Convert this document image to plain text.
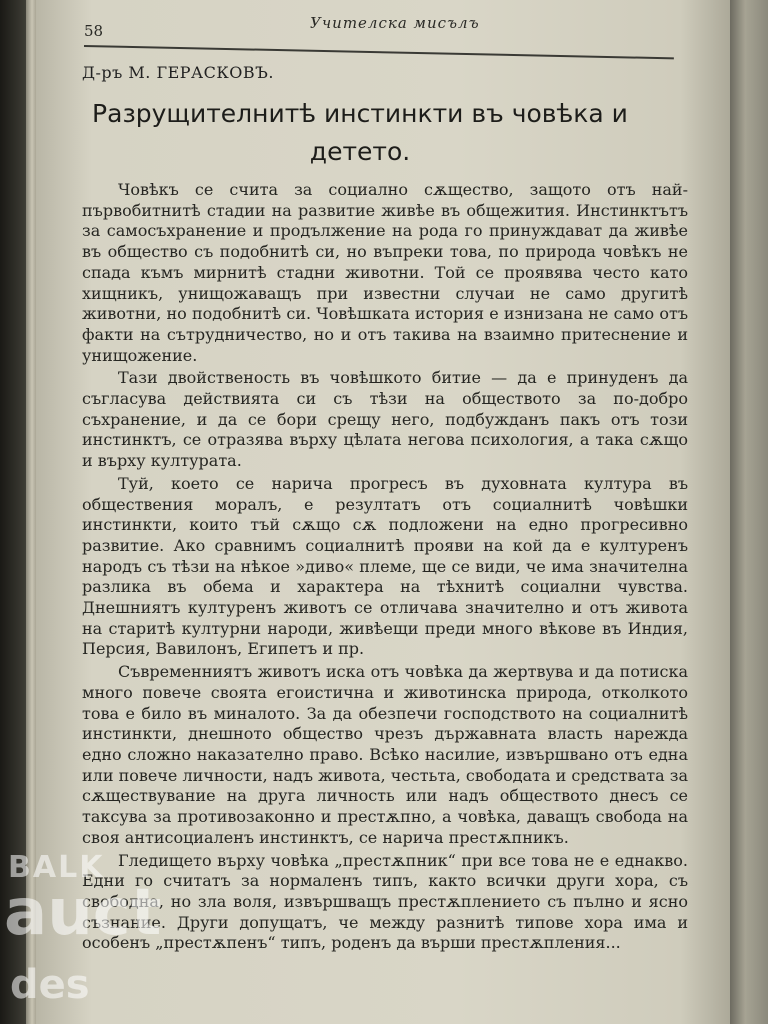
58	Учителска мисълъ
Д-ръ М. ГЕРАСКОВЪ.
Разрущителнитѣ инстинкти въ човѣка и детето.

Човѣкъ се счита за социално сѫщество, защото отъ най-първобитнитѣ стадии на развитие живѣе въ общежития. Инстинктътъ за самосъхранение и продължение на рода го принуждават да живѣе въ общество съ подобнитѣ си, но въпреки това, по природа човѣкъ не спада къмъ мирнитѣ стадни животни. Той се проявява често като хищникъ, унищожаващъ при известни случаи не само другитѣ животни, но подобнитѣ си. Човѣшката история е изнизана не само отъ факти на сътрудничество, но и отъ такива на взаимно притеснение и унищожение.

Тази двойственость въ човѣшкото битие — да е принуденъ да съгласува действията си съ тѣзи на обществото за по-добро съхранение, и да се бори срещу него, подбужданъ пакъ отъ този инстинктъ, се отразява върху цѣлата негова психология, а така сѫщо и върху културата.

Туй, което се нарича прогресъ въ духовната култура въ обществения моралъ, е резултатъ отъ социалнитѣ човѣшки инстинкти, които тъй сѫщо сѫ подложени на едно прогресивно развитие. Ако сравнимъ социалнитѣ прояви на кой да е културенъ народъ съ тѣзи на нѣкое »диво« племе, ще се види, че има значителна разлика въ обема и характера на тѣхнитѣ социални чувства. Днешниятъ културенъ животъ се отличава значително и отъ живота на старитѣ културни народи, живѣещи преди много вѣкове въ Индия, Персия, Вавилонъ, Египетъ и пр.

Съвременниятъ животъ иска отъ човѣка да жертвува и да потиска много повече своята егоистична и животинска природа, отколкото това е било въ миналото. За да обезпечи господството на социалнитѣ инстинкти, днешното общество чрезъ държавната власть нарежда едно сложно наказателно право. Всѣко насилие, извършвано отъ една или повече личности, надъ живота, честьта, свободата и средствата за сѫществувание на друга личность или надъ обществото днесъ се таксува за противозаконно и престѫпно, а човѣка, даващъ свобода на своя антисоциаленъ инстинктъ, се нарича престѫпникъ.

Гледището върху човѣка „престѫпник“ при все това не е еднакво. Едни го считатъ за нормаленъ типъ, както всички други хора, съ свободна, но зла воля, извършващъ престѫплението съ пълно и ясно съзнание. Други допущатъ, че между разнитѣ типове хора има и особенъ „престѫпенъ“ типъ, роденъ да върши престѫпления...

BALK
auct
des
